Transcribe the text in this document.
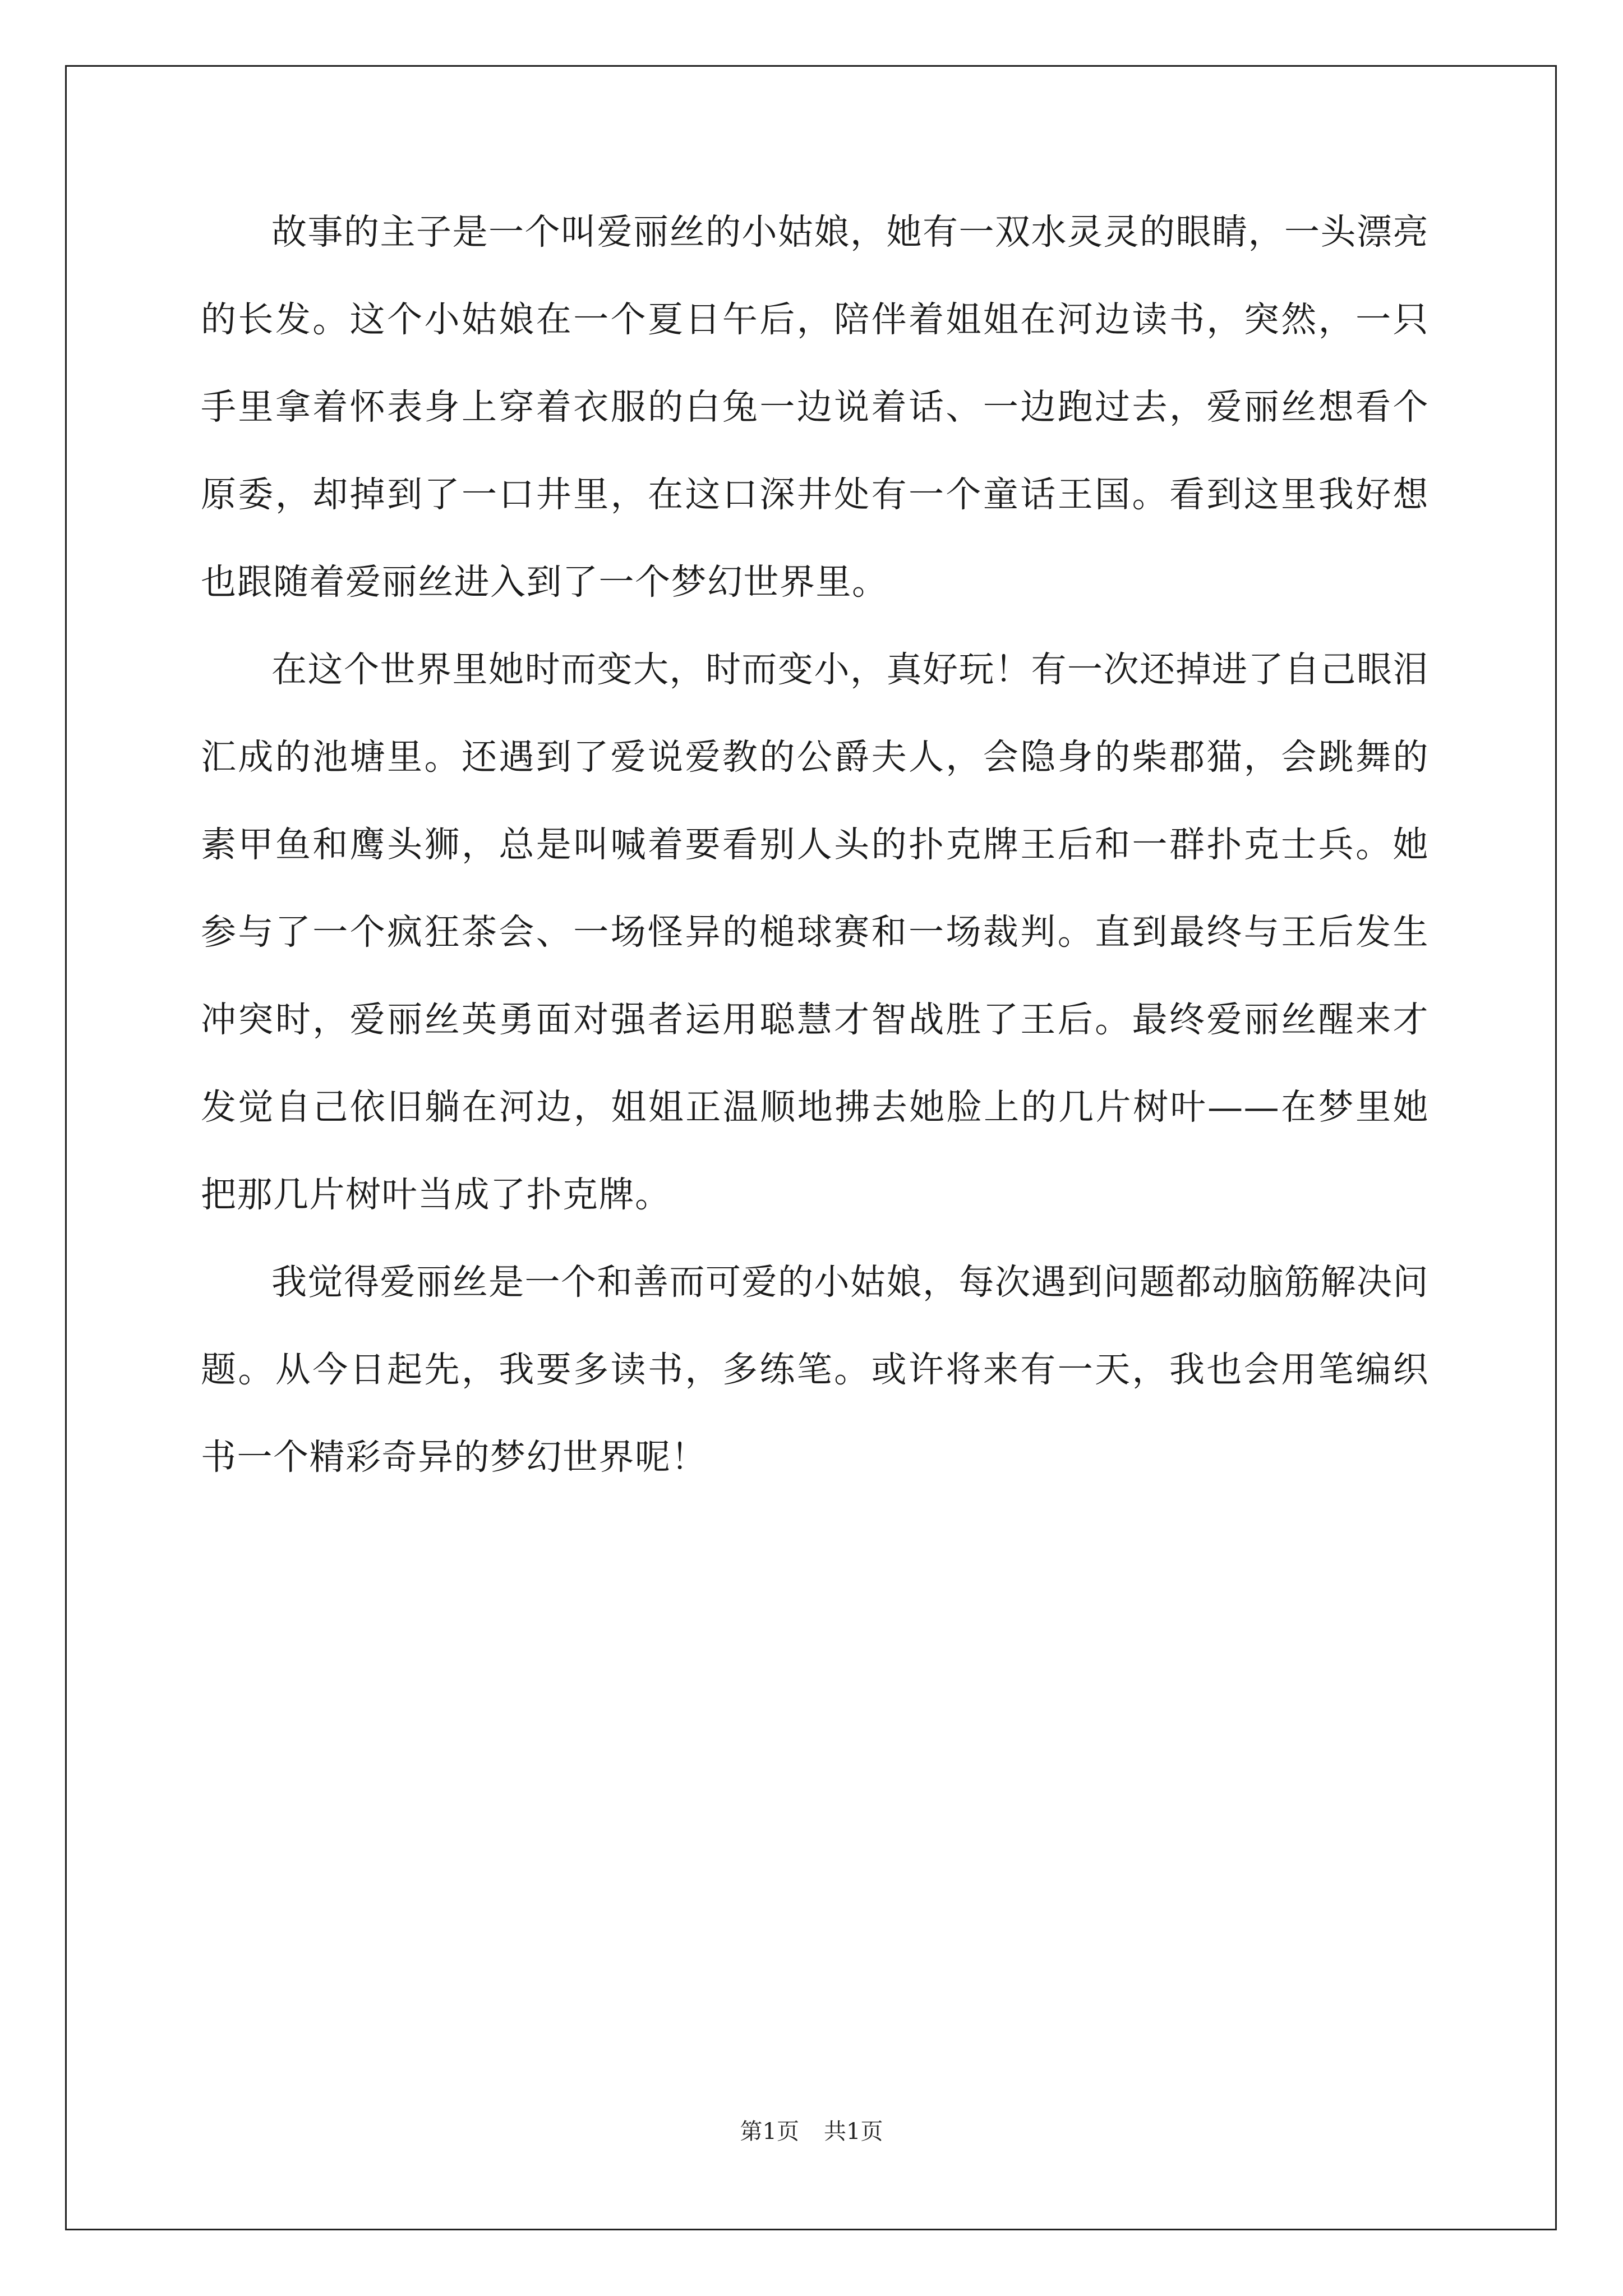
故事的主子是一个叫爱丽丝的小姑娘，她有一双水灵灵的眼睛，一头漂亮的长发。这个小姑娘在一个夏日午后，陪伴着姐姐在河边读书，突然，一只手里拿着怀表身上穿着衣服的白兔一边说着话、一边跑过去，爱丽丝想看个原委，却掉到了一口井里，在这口深井处有一个童话王国。看到这里我好想也跟随着爱丽丝进入到了一个梦幻世界里。

在这个世界里她时而变大，时而变小，真好玩！有一次还掉进了自己眼泪汇成的池塘里。还遇到了爱说爱教的公爵夫人，会隐身的柴郡猫，会跳舞的素甲鱼和鹰头狮，总是叫喊着要看别人头的扑克牌王后和一群扑克士兵。她参与了一个疯狂茶会、一场怪异的槌球赛和一场裁判。直到最终与王后发生冲突时，爱丽丝英勇面对强者运用聪慧才智战胜了王后。最终爱丽丝醒来才发觉自己依旧躺在河边，姐姐正温顺地拂去她脸上的几片树叶——在梦里她把那几片树叶当成了扑克牌。

我觉得爱丽丝是一个和善而可爱的小姑娘，每次遇到问题都动脑筋解决问题。从今日起先，我要多读书，多练笔。或许将来有一天，我也会用笔编织书一个精彩奇异的梦幻世界呢！

第1页 共1页
